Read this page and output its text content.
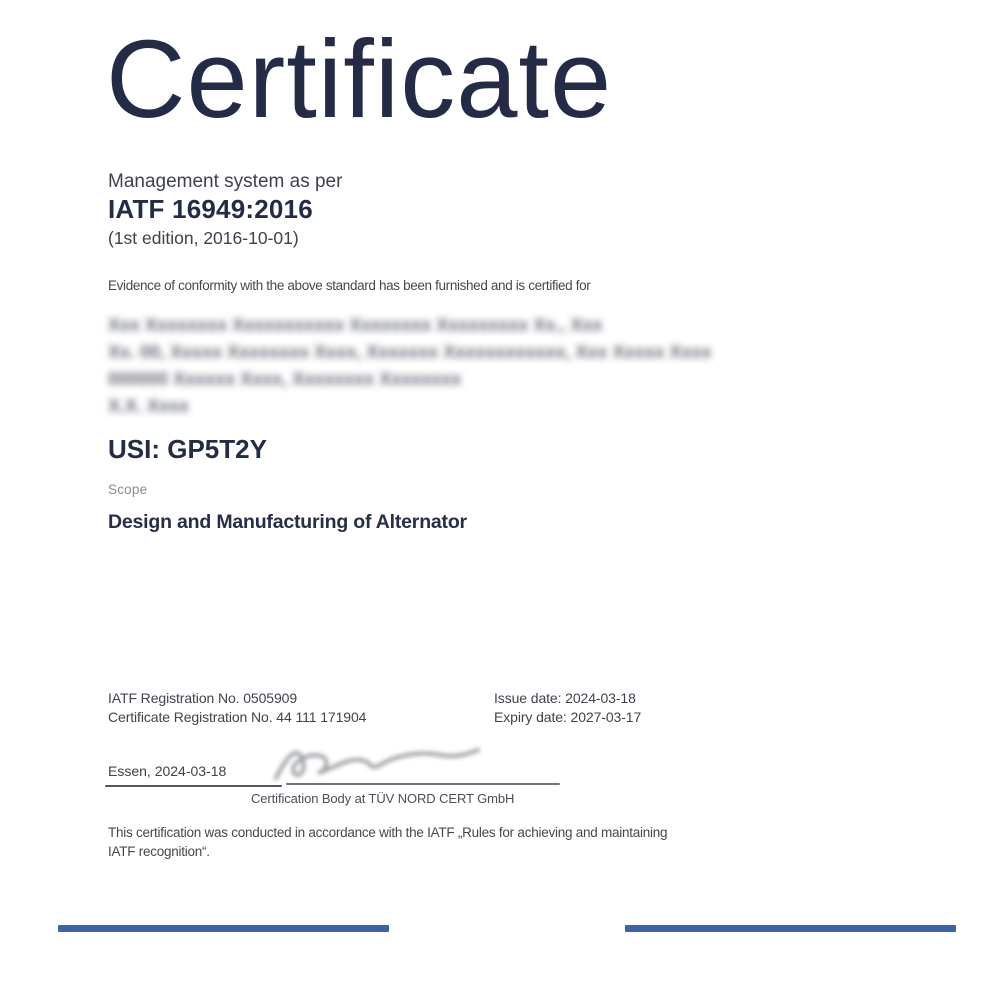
Certificate
Management system as per
IATF 16949:2016
(1st edition, 2016-10-01)
Evidence of conformity with the above standard has been furnished and is certified for
Xxx Xxxxxxxx Xxxxxxxxxxx Xxxxxxxx Xxxxxxxxx Xx., Xxx
Xx. 00, Xxxxx Xxxxxxxx Xxxx, Xxxxxxx Xxxxxxxxxxxx, Xxx Xxxxx Xxxx
000000 Xxxxxx Xxxx, Xxxxxxxx Xxxxxxxx
X.X. Xxxx
USI: GP5T2Y
Scope
Design and Manufacturing of Alternator
IATF Registration No. 0505909
Certificate Registration No. 44 111 171904
Issue date: 2024-03-18
Expiry date: 2027-03-17
Essen, 2024-03-18
Certification Body at TÜV NORD CERT GmbH
This certification was conducted in accordance with the IATF „Rules for achieving and maintaining
IATF recognition“.
